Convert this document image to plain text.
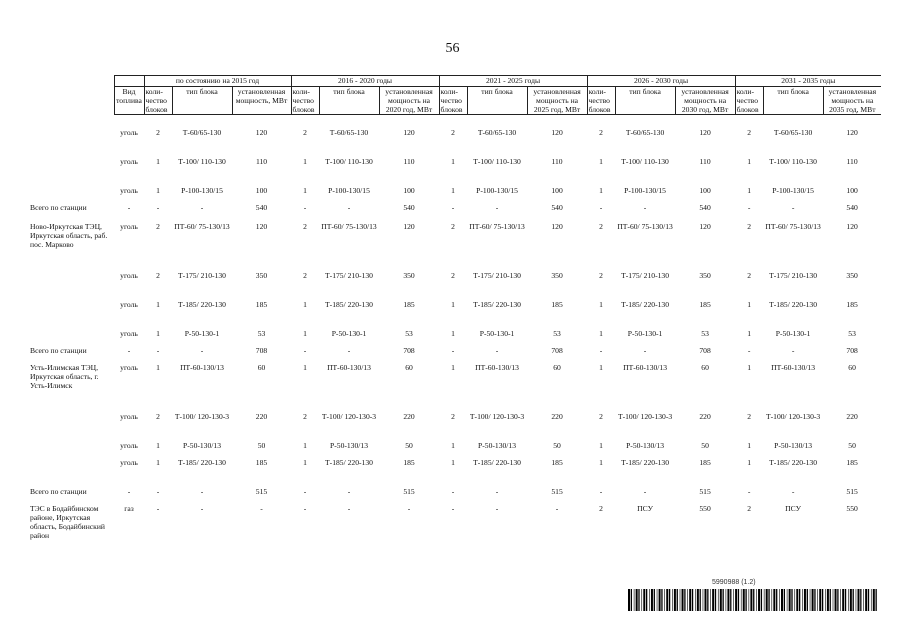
56
		по состоянию на 2015 год			2016 - 2020 годы			2021 - 2025 годы			2026 - 2030 годы			2031 - 2035 годы		
	Вид топлива	коли-чество блоков	тип блока	установленная мощность, МВт	коли-чество блоков	тип блока	установленная мощность на 2020 год, МВт	коли-чество блоков	тип блока	установленная мощность на 2025 год, МВт	коли-чество блоков	тип блока	установленная мощность на 2030 год, МВт	коли-чество блоков	тип блока	установленная мощность на 2035 год, МВт

	уголь	2	Т-60/65-130	120	2	Т-60/65-130	120	2	Т-60/65-130	120	2	Т-60/65-130	120	2	Т-60/65-130	120
	уголь	1	Т-100/ 110-130	110	1	Т-100/ 110-130	110	1	Т-100/ 110-130	110	1	Т-100/ 110-130	110	1	Т-100/ 110-130	110
	уголь	1	Р-100-130/15	100	1	Р-100-130/15	100	1	Р-100-130/15	100	1	Р-100-130/15	100	1	Р-100-130/15	100
Всего по станции	-	-	-	540	-	-	540	-	-	540	-	-	540	-	-	540
Ново-Иркутская ТЭЦ, Иркутская область, раб. пос. Марково	уголь	2	ПТ-60/ 75-130/13	120	2	ПТ-60/ 75-130/13	120	2	ПТ-60/ 75-130/13	120	2	ПТ-60/ 75-130/13	120	2	ПТ-60/ 75-130/13	120
	уголь	2	Т-175/ 210-130	350	2	Т-175/ 210-130	350	2	Т-175/ 210-130	350	2	Т-175/ 210-130	350	2	Т-175/ 210-130	350
	уголь	1	Т-185/ 220-130	185	1	Т-185/ 220-130	185	1	Т-185/ 220-130	185	1	Т-185/ 220-130	185	1	Т-185/ 220-130	185
	уголь	1	Р-50-130-1	53	1	Р-50-130-1	53	1	Р-50-130-1	53	1	Р-50-130-1	53	1	Р-50-130-1	53
Всего по станции	-	-	-	708	-	-	708	-	-	708	-	-	708	-	-	708
Усть-Илимская ТЭЦ, Иркутская область, г. Усть-Илимск	уголь	1	ПТ-60-130/13	60	1	ПТ-60-130/13	60	1	ПТ-60-130/13	60	1	ПТ-60-130/13	60	1	ПТ-60-130/13	60
	уголь	2	Т-100/ 120-130-3	220	2	Т-100/ 120-130-3	220	2	Т-100/ 120-130-3	220	2	Т-100/ 120-130-3	220	2	Т-100/ 120-130-3	220
	уголь	1	Р-50-130/13	50	1	Р-50-130/13	50	1	Р-50-130/13	50	1	Р-50-130/13	50	1	Р-50-130/13	50
	уголь	1	Т-185/ 220-130	185	1	Т-185/ 220-130	185	1	Т-185/ 220-130	185	1	Т-185/ 220-130	185	1	Т-185/ 220-130	185
Всего по станции	-	-	-	515	-	-	515	-	-	515	-	-	515	-	-	515
ТЭС в Бодайбинском районе, Иркутская область, Бодайбинский район	газ	-	-	-	-	-	-	-	-	-	2	ПСУ	550	2	ПСУ	550
5990988 (1.2)
